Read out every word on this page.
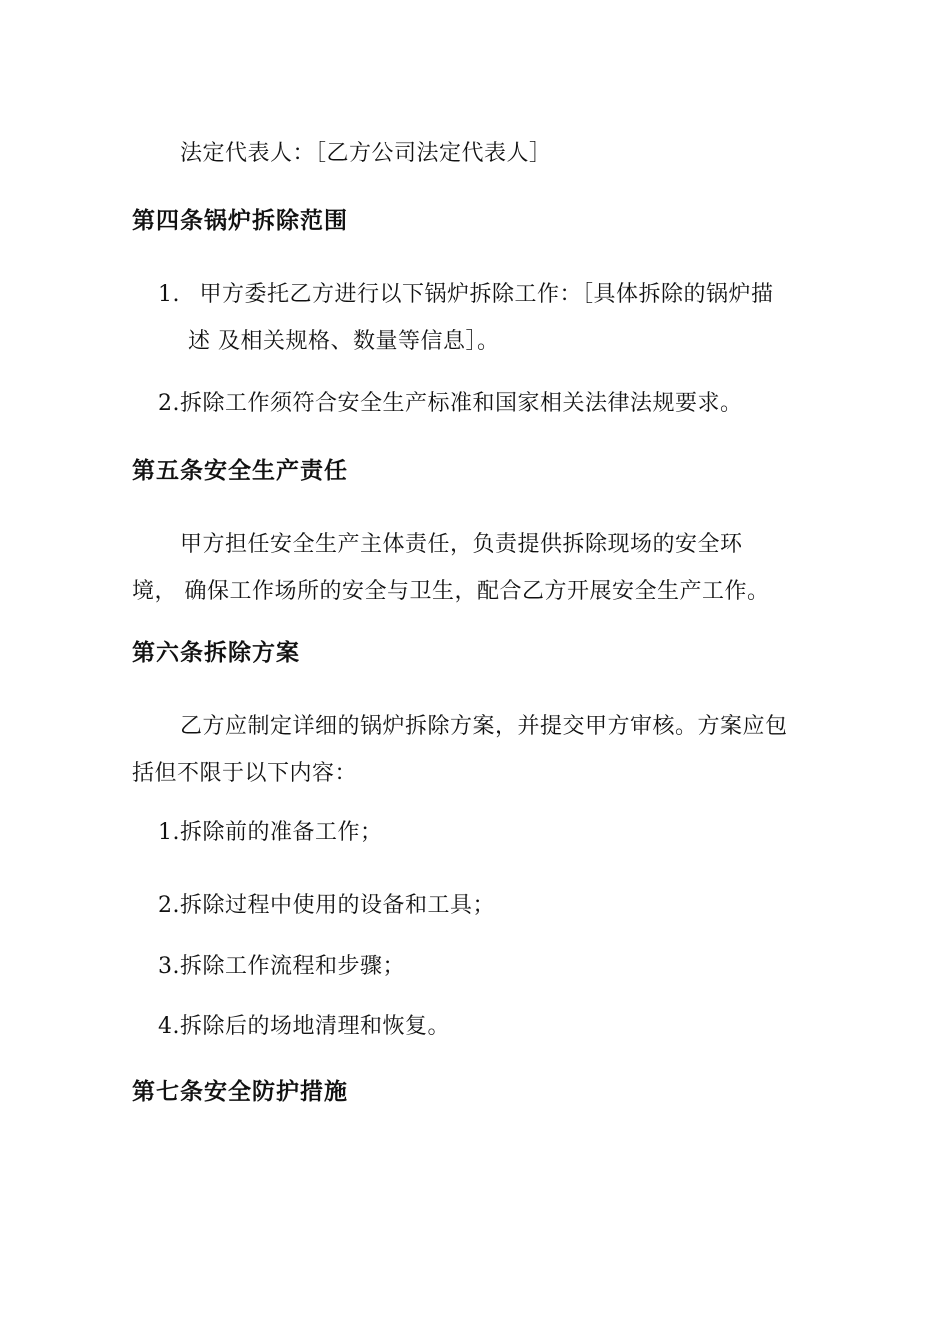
法定代表人：［乙方公司法定代表人］
第四条锅炉拆除范围
1. 甲方委托乙方进行以下锅炉拆除工作：［具体拆除的锅炉描
述 及相关规格、数量等信息］。
2.拆除工作须符合安全生产标准和国家相关法律法规要求。
第五条安全生产责任
甲方担任安全生产主体责任，负责提供拆除现场的安全环
境， 确保工作场所的安全与卫生，配合乙方开展安全生产工作。
第六条拆除方案
乙方应制定详细的锅炉拆除方案，并提交甲方审核。方案应包
括但不限于以下内容：
1.拆除前的准备工作；
2.拆除过程中使用的设备和工具；
3.拆除工作流程和步骤；
4.拆除后的场地清理和恢复。
第七条安全防护措施
